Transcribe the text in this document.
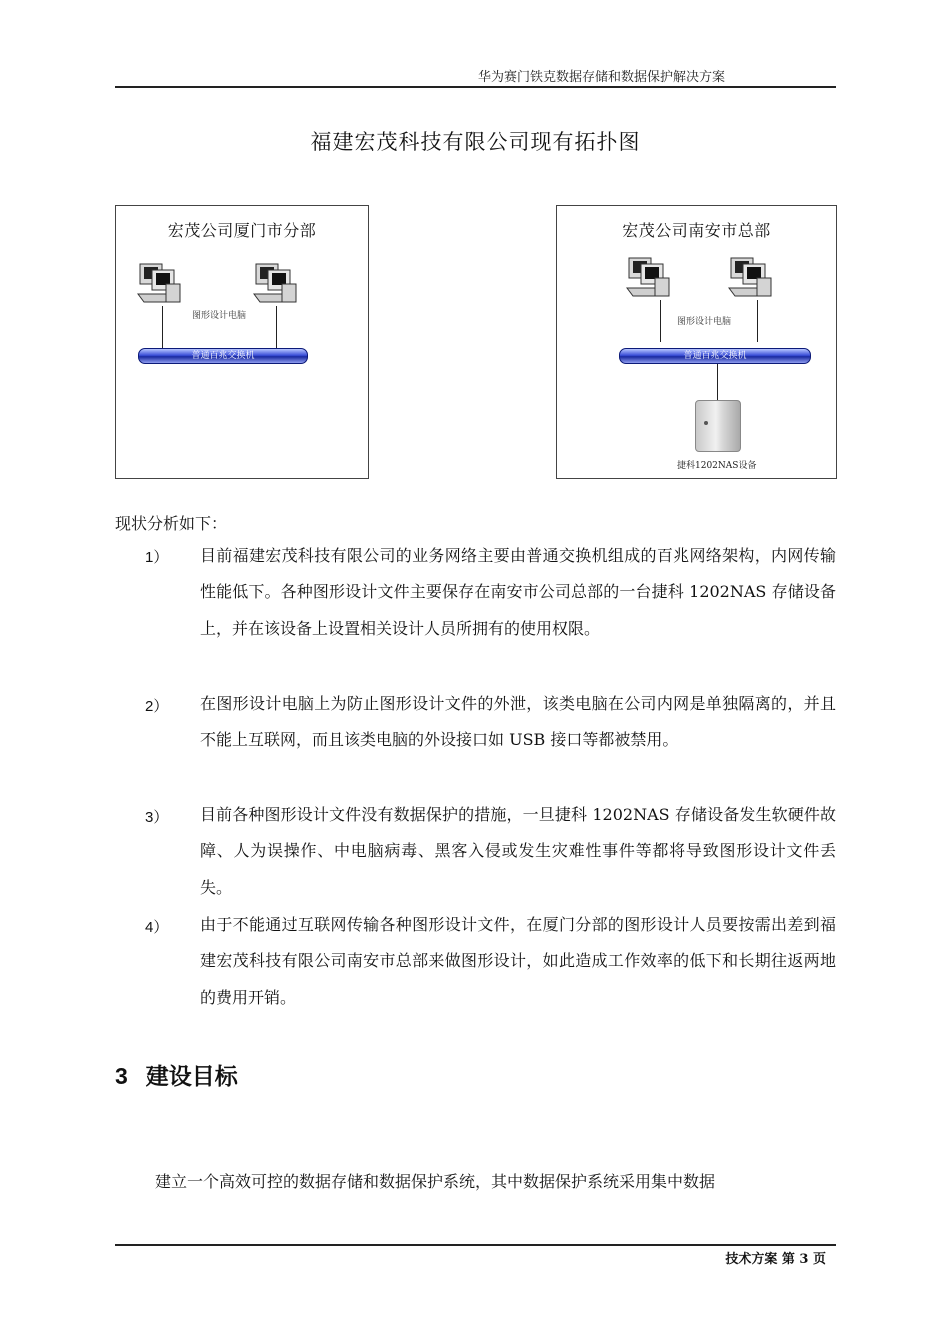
华为赛门铁克数据存储和数据保护解决方案
福建宏茂科技有限公司现有拓扑图
宏茂公司厦门市分部
图形设计电脑
普通百兆交换机
宏茂公司南安市总部
图形设计电脑
普通百兆交换机
捷科1202NAS设备
现状分析如下：
1） 目前福建宏茂科技有限公司的业务网络主要由普通交换机组成的百兆网络架构，内网传输性能低下。各种图形设计文件主要保存在南安市公司总部的一台捷科 1202NAS 存储设备上，并在该设备上设置相关设计人员所拥有的使用权限。
2） 在图形设计电脑上为防止图形设计文件的外泄，该类电脑在公司内网是单独隔离的，并且不能上互联网，而且该类电脑的外设接口如 USB 接口等都被禁用。
3） 目前各种图形设计文件没有数据保护的措施，一旦捷科 1202NAS 存储设备发生软硬件故障、人为误操作、中电脑病毒、黑客入侵或发生灾难性事件等都将导致图形设计文件丢失。
4） 由于不能通过互联网传输各种图形设计文件，在厦门分部的图形设计人员要按需出差到福建宏茂科技有限公司南安市总部来做图形设计，如此造成工作效率的低下和长期往返两地的费用开销。
3 建设目标
建立一个高效可控的数据存储和数据保护系统，其中数据保护系统采用集中数据
技术方案 第 3 页
